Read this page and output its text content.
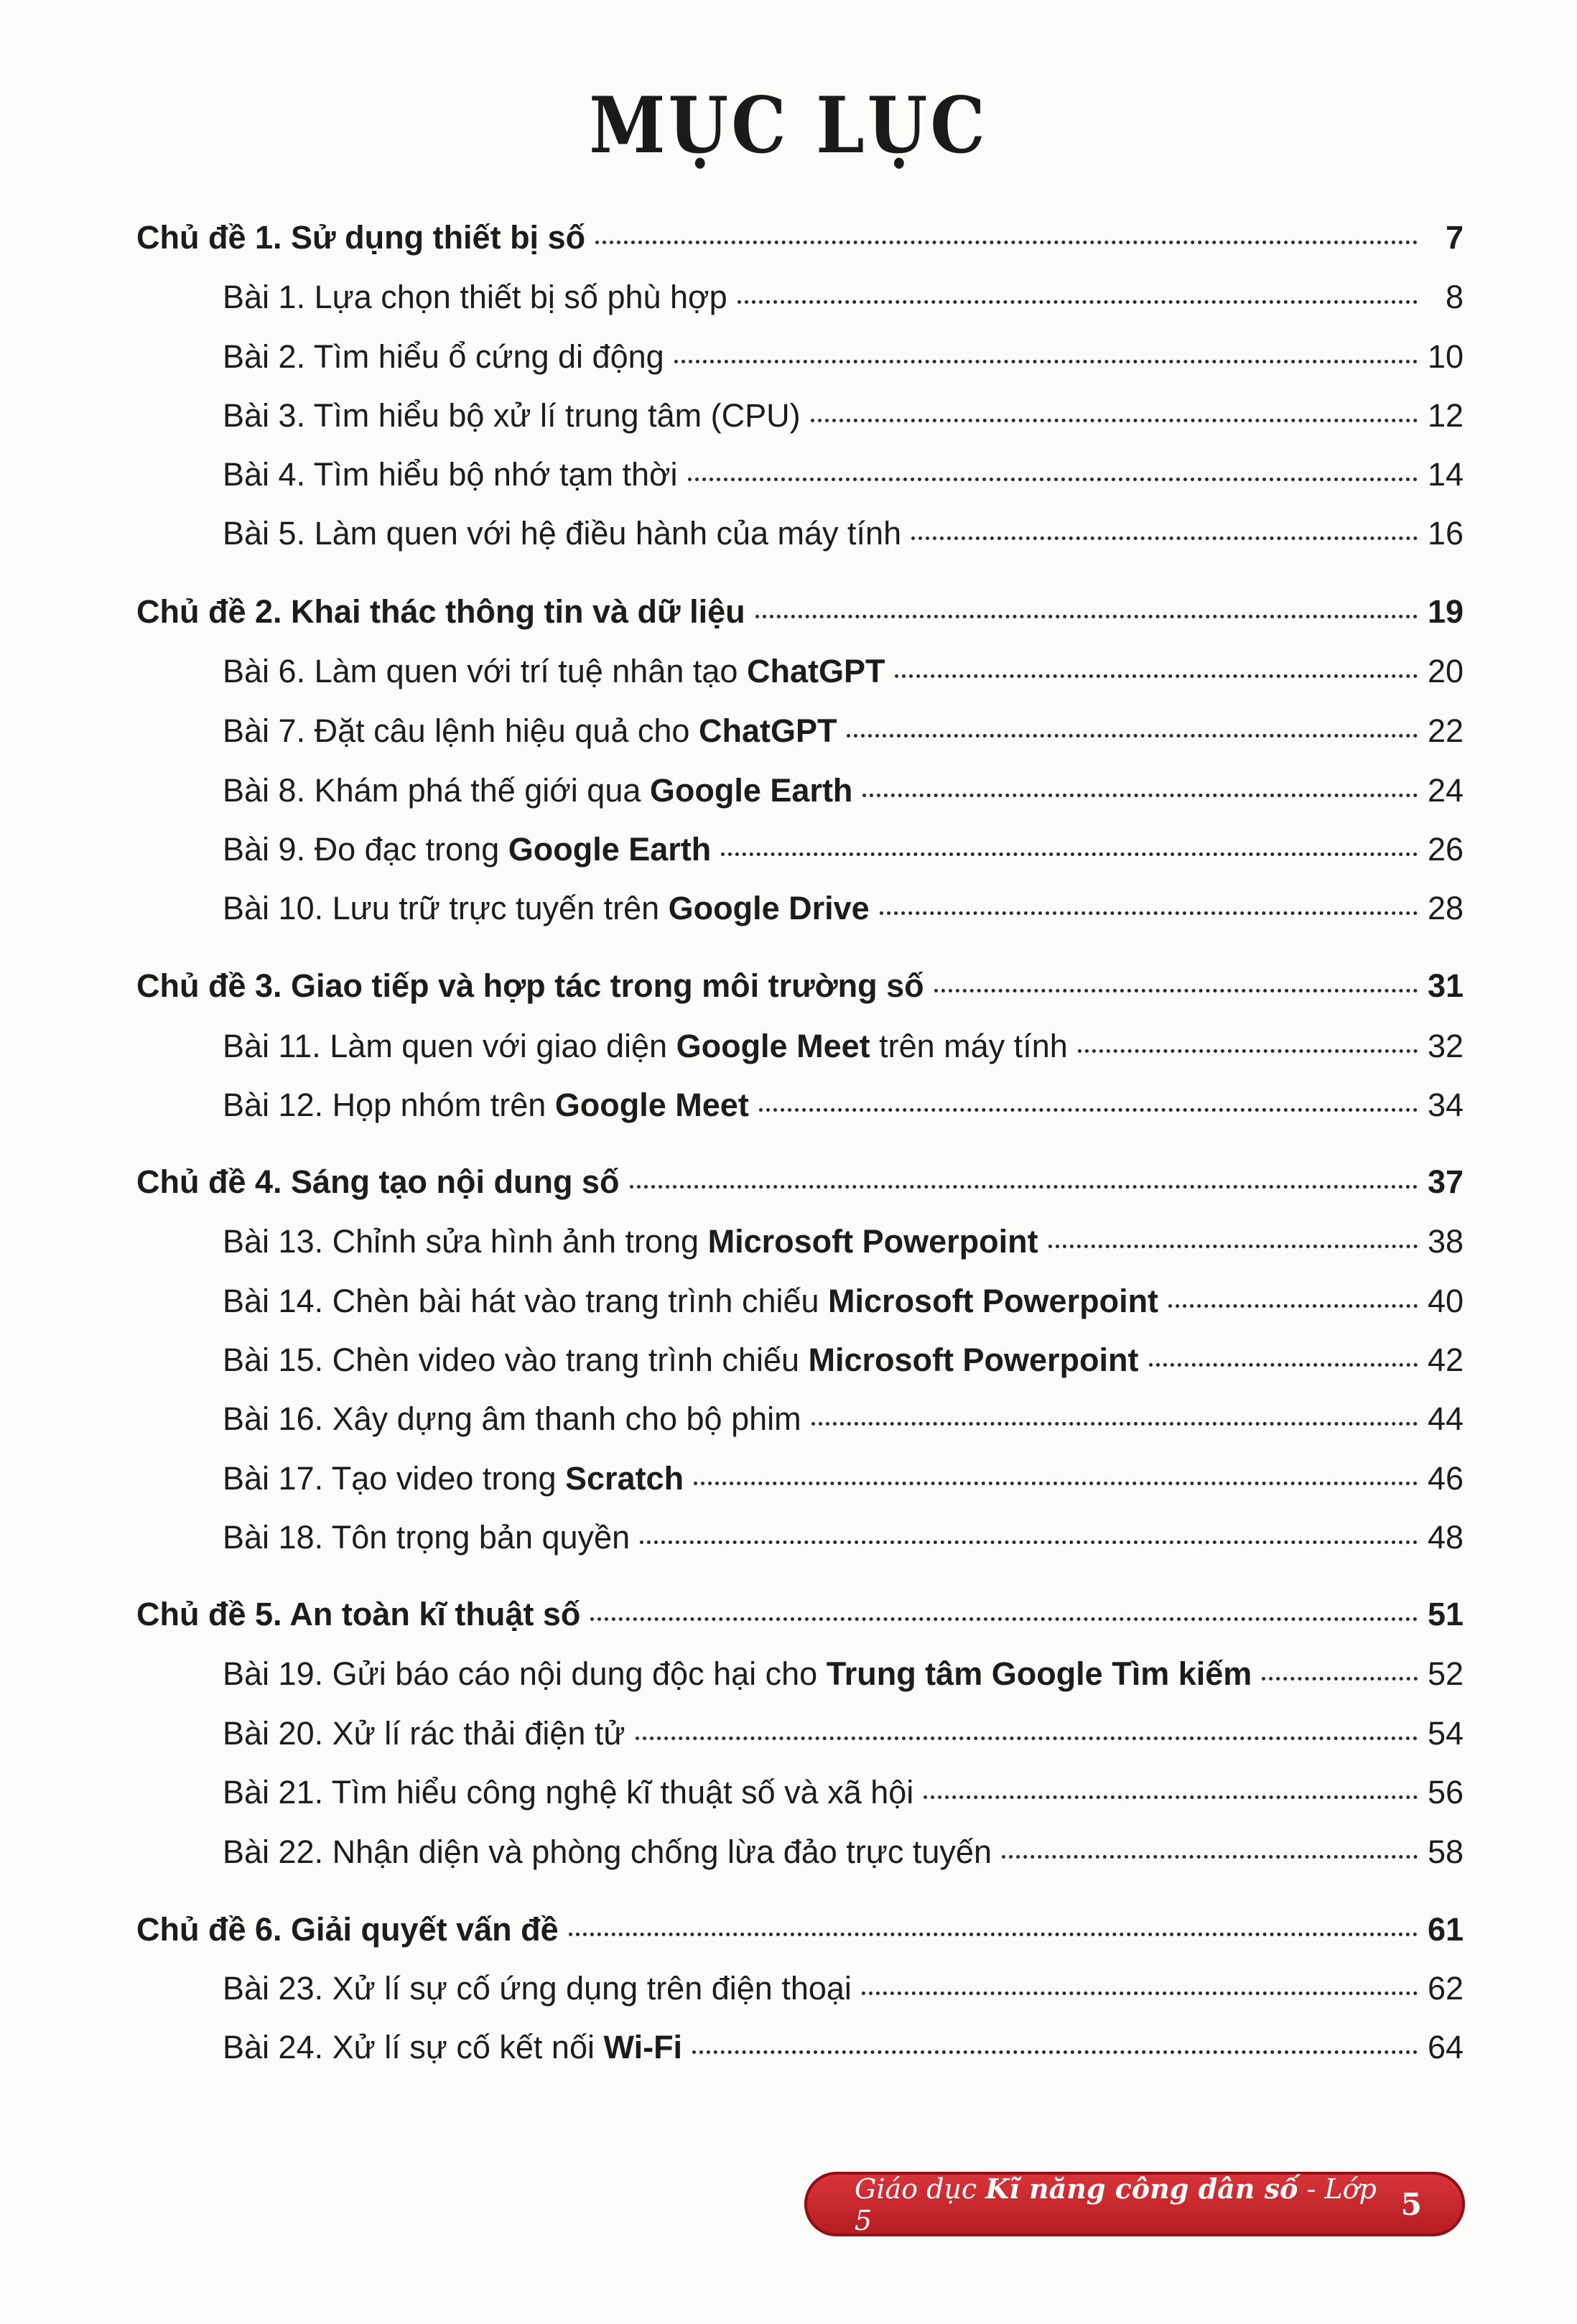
MỤC LỤC
Chủ đề 1. Sử dụng thiết bị số	7
Bài 1. Lựa chọn thiết bị số phù hợp	8
Bài 2. Tìm hiểu ổ cứng di động	10
Bài 3. Tìm hiểu bộ xử lí trung tâm (CPU)	12
Bài 4. Tìm hiểu bộ nhớ tạm thời	14
Bài 5. Làm quen với hệ điều hành của máy tính	16
Chủ đề 2. Khai thác thông tin và dữ liệu	19
Bài 6. Làm quen với trí tuệ nhân tạo ChatGPT	20
Bài 7. Đặt câu lệnh hiệu quả cho ChatGPT	22
Bài 8. Khám phá thế giới qua Google Earth	24
Bài 9. Đo đạc trong Google Earth	26
Bài 10. Lưu trữ trực tuyến trên Google Drive	28
Chủ đề 3. Giao tiếp và hợp tác trong môi trường số	31
Bài 11. Làm quen với giao diện Google Meet trên máy tính	32
Bài 12. Họp nhóm trên Google Meet	34
Chủ đề 4. Sáng tạo nội dung số	37
Bài 13. Chỉnh sửa hình ảnh trong Microsoft Powerpoint	38
Bài 14. Chèn bài hát vào trang trình chiếu Microsoft Powerpoint	40
Bài 15. Chèn video vào trang trình chiếu Microsoft Powerpoint	42
Bài 16. Xây dựng âm thanh cho bộ phim	44
Bài 17. Tạo video trong Scratch	46
Bài 18. Tôn trọng bản quyền	48
Chủ đề 5. An toàn kĩ thuật số	51
Bài 19. Gửi báo cáo nội dung độc hại cho Trung tâm Google Tìm kiếm	52
Bài 20. Xử lí rác thải điện tử	54
Bài 21. Tìm hiểu công nghệ kĩ thuật số và xã hội	56
Bài 22. Nhận diện và phòng chống lừa đảo trực tuyến	58
Chủ đề 6. Giải quyết vấn đề	61
Bài 23. Xử lí sự cố ứng dụng trên điện thoại	62
Bài 24. Xử lí sự cố kết nối Wi-Fi	64
Giáo dục Kĩ năng công dân số - Lớp 5	5
